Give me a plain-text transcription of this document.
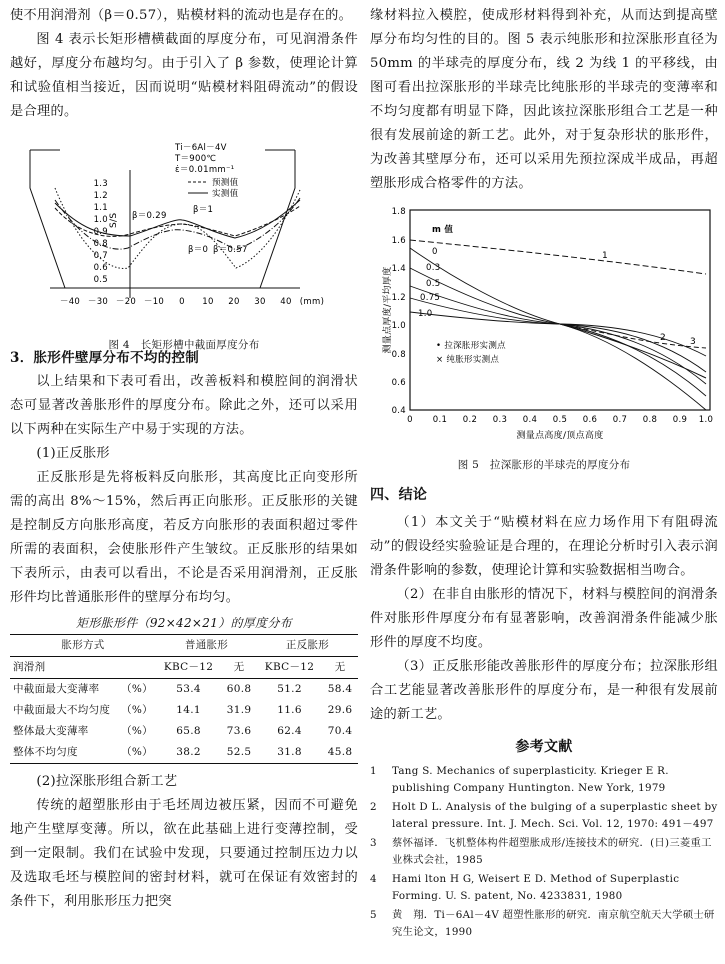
使不用润滑剂（β＝0.57），贴模材料的流动也是存在的。

图 4 表示长矩形槽横截面的厚度分布，可见润滑条件越好，厚度分布越均匀。由于引入了 β 参数，使理论计算和试验值相当接近，因而说明“贴模材料阻碍流动”的假设是合理的。

1.3
1.2
1.1
1.0
0.9
0.8
0.7
0.6
0.5
S/S
－40 －30 －20 －10 0 10 20 30 40 (mm)
Ti－6Al－4V
T＝900℃
ε̇＝0.01mm⁻¹
预测值
实测值
β＝0.29
β＝1
β＝0 β＝0.57
图 4　长矩形槽中截面厚度分布

3．胀形件壁厚分布不均的控制

以上结果和下表可看出，改善板料和模腔间的润滑状态可显著改善胀形件的厚度分布。除此之外，还可以采用以下两种在实际生产中易于实现的方法。

(1)正反胀形

正反胀形是先将板料反向胀形，其高度比正向变形所需的高出 8%～15%，然后再正向胀形。正反胀形的关键是控制反方向胀形高度，若反方向胀形的表面积超过零件所需的表面积，会使胀形件产生皱纹。正反胀形的结果如下表所示，由表可以看出，不论是否采用润滑剂，正反胀形件均比普通胀形件的壁厚分布均匀。

矩形胀形件（92×42×21）的厚度分布
胀形方式	普通胀形		正反胀形	
润滑剂	KBC－12	无	KBC－12	无
中截面最大变薄率 （%）	53.4	60.8	51.2	58.4
中截面最大不均匀度 （%）	14.1	31.9	11.6	29.6
整体最大变薄率 （%）	65.8	73.6	62.4	70.4
整体不均匀度 （%）	38.2	52.5	31.8	45.8

(2)拉深胀形组合新工艺

传统的超塑胀形由于毛坯周边被压紧，因而不可避免地产生壁厚变薄。所以，欲在此基础上进行变薄控制，受到一定限制。我们在试验中发现，只要通过控制压边力以及选取毛坯与模腔间的密封材料，就可在保证有效密封的条件下，利用胀形压力把突

缘材料拉入模腔，使成形材料得到补充，从而达到提高壁厚分布均匀性的目的。图 5 表示纯胀形和拉深胀形直径为 50mm 的半球壳的厚度分布，线 2 为线 1 的平移线，由图可看出拉深胀形的半球壳比纯胀形的半球壳的变薄率和不均匀度都有明显下降，因此该拉深胀形组合工艺是一种很有发展前途的新工艺。此外，对于复杂形状的胀形件，为改善其壁厚分布，还可以采用先预拉深成半成品，再超塑胀形成合格零件的方法。

1.8
1.6
1.4
1.2
1.0
0.8
0.6
0.4
0 0.1 0.2 0.3 0.4 0.5 0.6 0.7 0.8 0.9 1.0
测量点高度/顶点高度
测量点厚度/平均厚度
m 值
0
0.3
0.5
0.75
1.0
1
2	3
• 拉深胀形实测点
× 纯胀形实测点
图 5　拉深胀形的半球壳的厚度分布

四、结论

（1）本文关于“贴模材料在应力场作用下有阻碍流动”的假设经实验验证是合理的，在理论分析时引入表示润滑条件影响的参数，使理论计算和实验数据相当吻合。

（2）在非自由胀形的情况下，材料与模腔间的润滑条件对胀形件厚度分布有显著影响，改善润滑条件能减少胀形件的厚度不均度。

（3）正反胀形能改善胀形件的厚度分布；拉深胀形组合工艺能显著改善胀形件的厚度分布，是一种很有发展前途的新工艺。

参考文献

1	Tang S. Mechanics of superplasticity. Krieger E R. publishing Company Huntington. New York, 1979
2	Holt D L. Analysis of the bulging of a superplastic sheet by lateral pressure. Int. J. Mech. Sci. Vol. 12, 1970: 491－497
3	蔡怀福译．飞机整体构件超塑胀成形/连接技术的研究．(日)三菱重工业株式会社，1985
4	Hami lton H G, Weisert E D. Method of Superplastic Forming. U. S. patent, No. 4233831, 1980
5	黄　翔．Ti－6Al－4V 超塑性胀形的研究．南京航空航天大学硕士研究生论文，1990
